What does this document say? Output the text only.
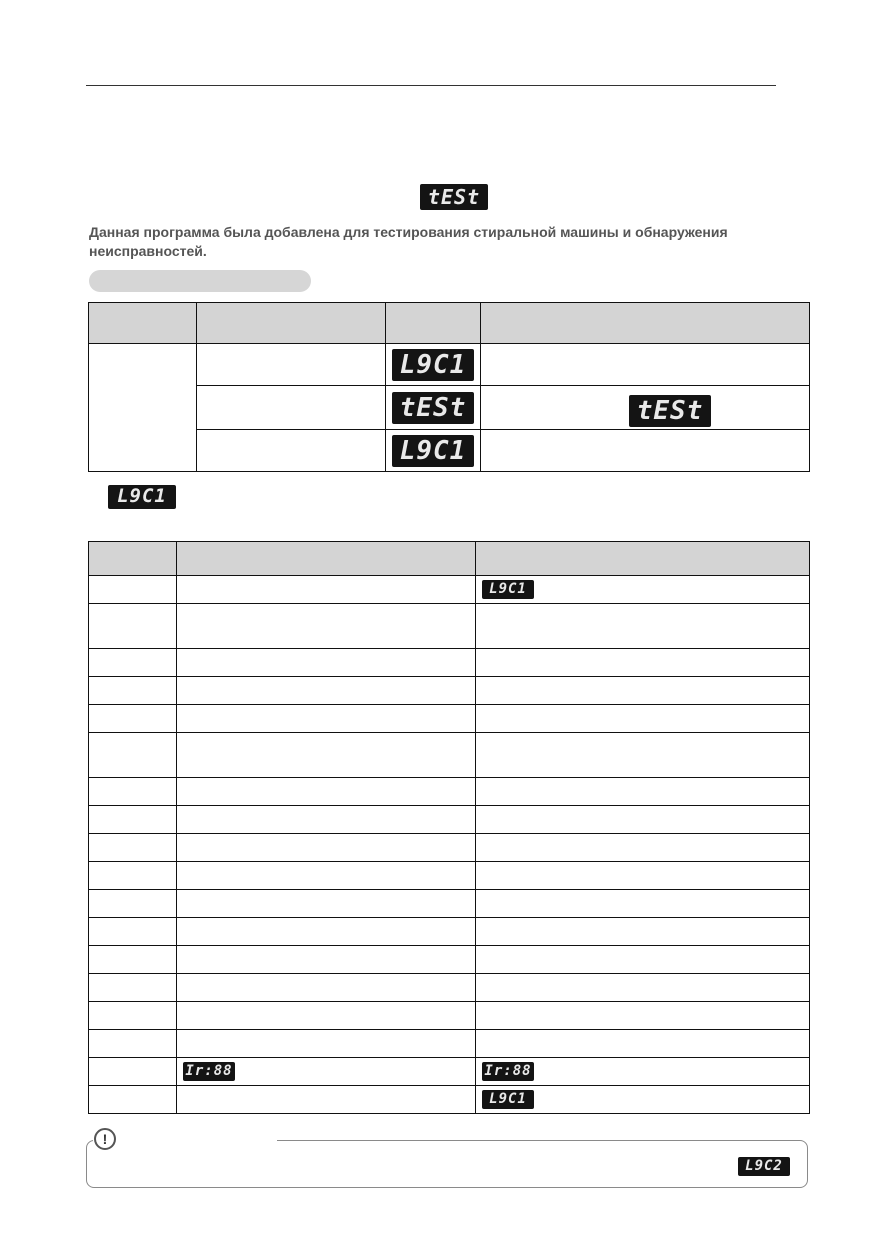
tESt
Данная программа была добавлена для тестирования стиральной машины и обнаружения неисправностей.

		L9C1	
		tESt	tESt
		L9C1	
L9C1

		L9C1

	Ir:88	Ir:88
		L9C1
!
L9C2
